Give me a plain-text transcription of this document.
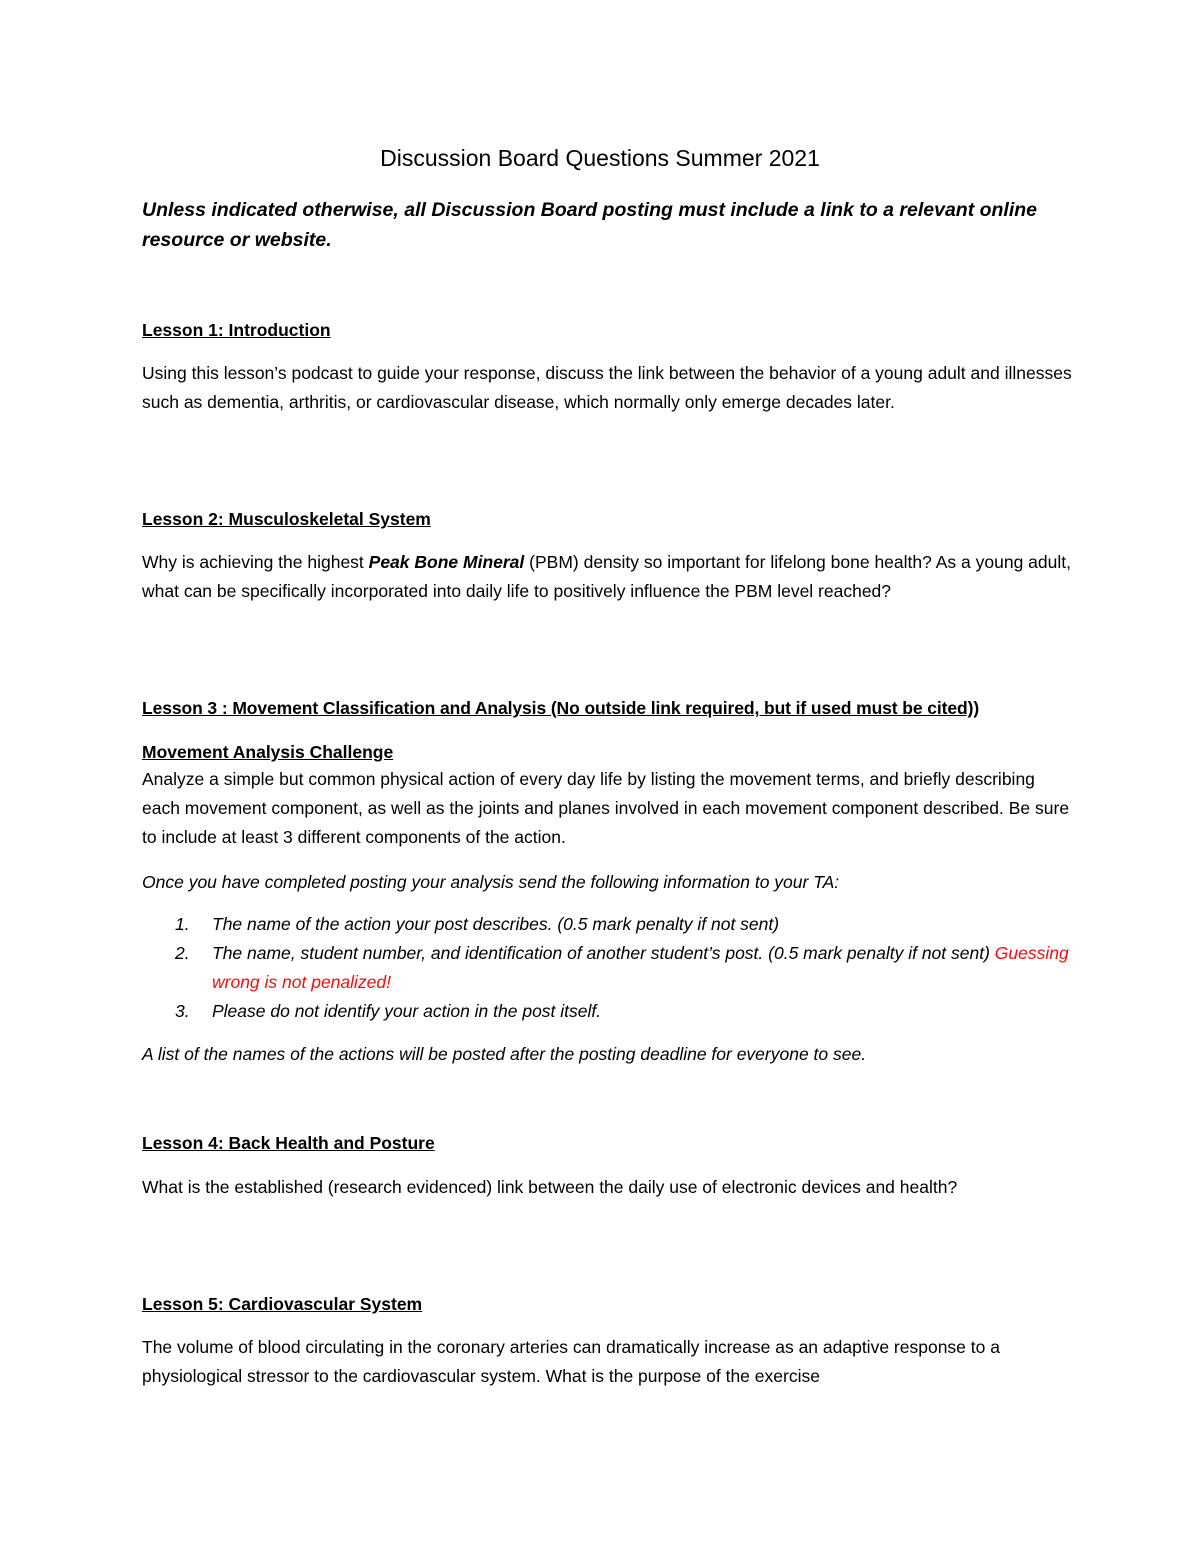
Discussion Board Questions Summer 2021

Unless indicated otherwise, all Discussion Board posting must include a link to a relevant online resource or website.

Lesson 1: Introduction

Using this lesson’s podcast to guide your response, discuss the link between the behavior of a young adult and illnesses such as dementia, arthritis, or cardiovascular disease, which normally only emerge decades later.

Lesson 2: Musculoskeletal System

Why is achieving the highest Peak Bone Mineral (PBM) density so important for lifelong bone health? As a young adult, what can be specifically incorporated into daily life to positively influence the PBM level reached?

Lesson 3 : Movement Classification and Analysis (No outside link required, but if used must be cited))

Movement Analysis Challenge

Analyze a simple but common physical action of every day life by listing the movement terms, and briefly describing each movement component, as well as the joints and planes involved in each movement component described. Be sure to include at least 3 different components of the action.

Once you have completed posting your analysis send the following information to your TA:

1. The name of the action your post describes. (0.5 mark penalty if not sent)
2. The name, student number, and identification of another student’s post. (0.5 mark penalty if not sent) Guessing wrong is not penalized!
3. Please do not identify your action in the post itself.

A list of the names of the actions will be posted after the posting deadline for everyone to see.

Lesson 4: Back Health and Posture

What is the established (research evidenced) link between the daily use of electronic devices and health?

Lesson 5: Cardiovascular System

The volume of blood circulating in the coronary arteries can dramatically increase as an adaptive response to a physiological stressor to the cardiovascular system. What is the purpose of the exercise
